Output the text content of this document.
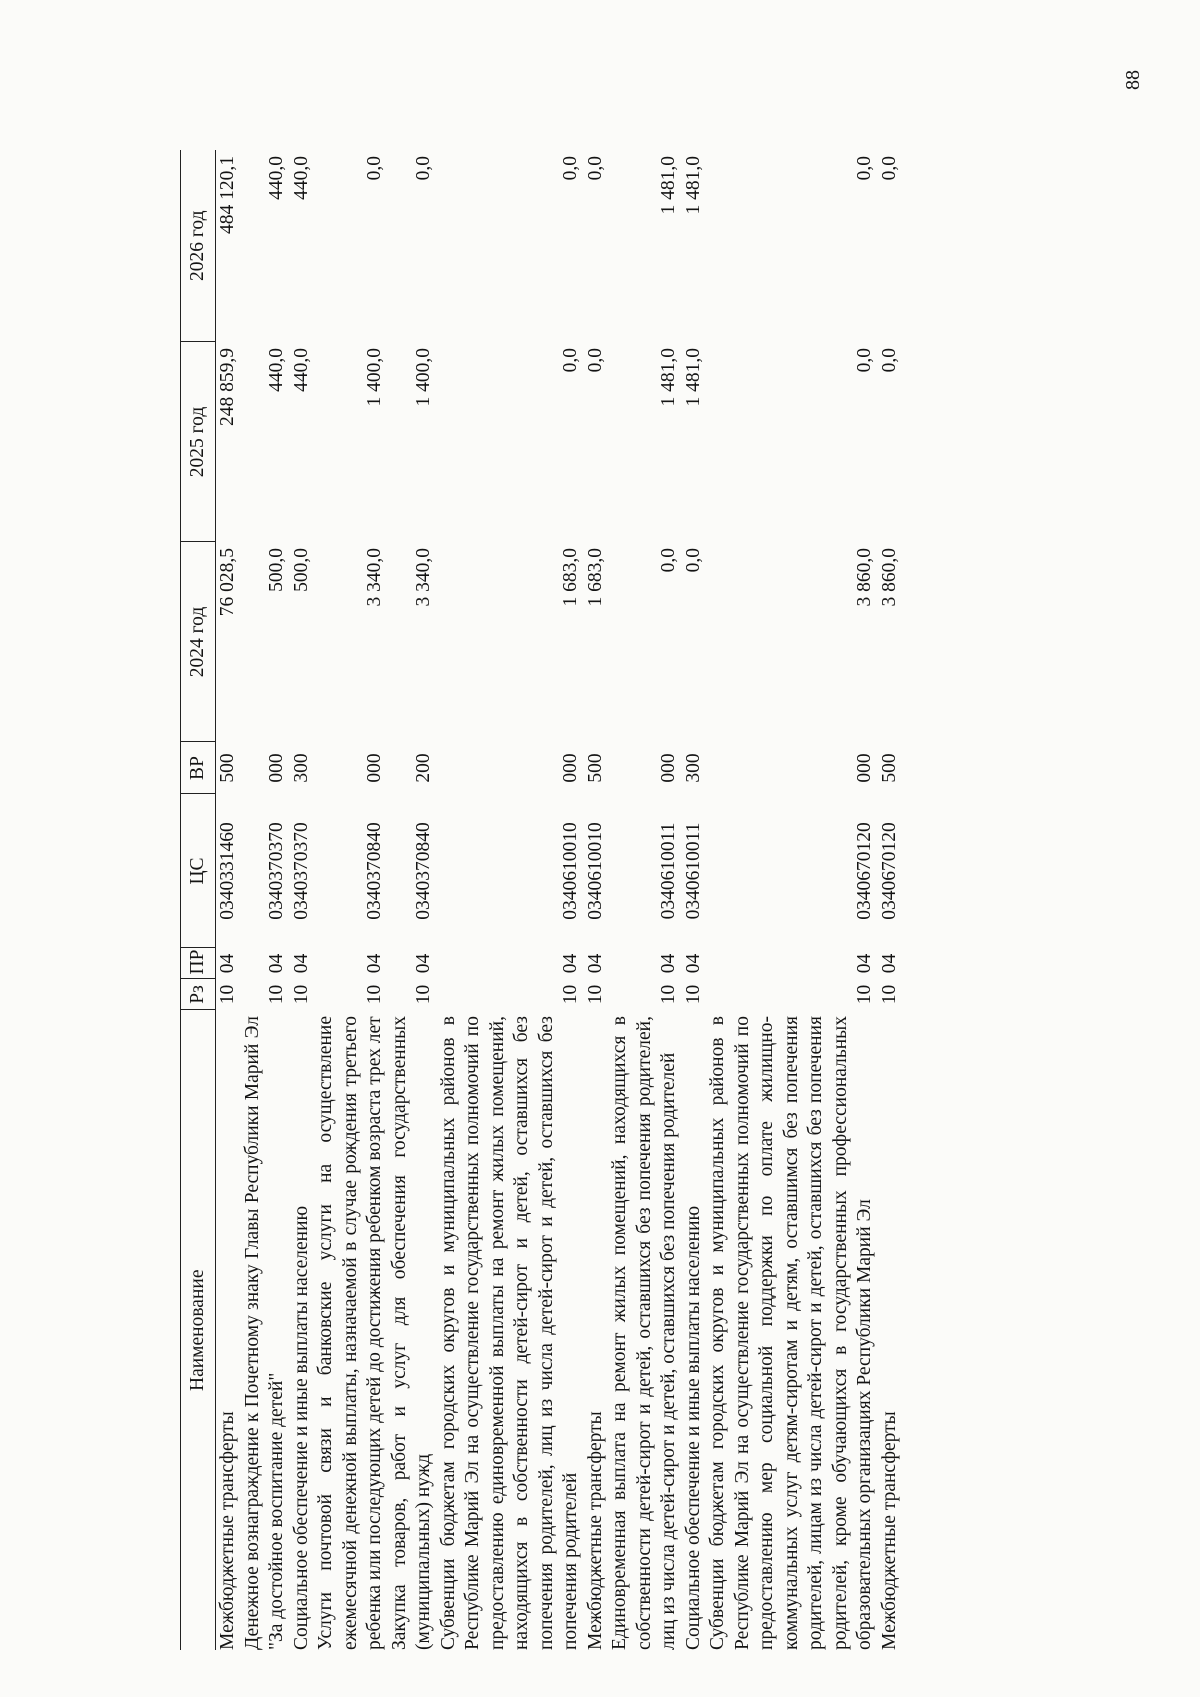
88
Наименование	Рз	ПР	ЦС	ВР	2024 год	2025 год	2026 год
Межбюджетные трансферты	10	04	0340331460	500	76 028,5	248 859,9	484 120,1
Денежное вознаграждение к Почетному знаку Главы Республики Марий Эл "За достойное воспитание детей"	10	04	0340370370	000	500,0	440,0	440,0
Социальное обеспечение и иные выплаты населению	10	04	0340370370	300	500,0	440,0	440,0
Услуги почтовой связи и банковские услуги на осуществление ежемесячной денежной выплаты, назначаемой в случае рождения третьего ребенка или последующих детей до достижения ребенком возраста трех лет	10	04	0340370840	000	3 340,0	1 400,0	0,0
Закупка товаров, работ и услуг для обеспечения государственных (муниципальных) нужд	10	04	0340370840	200	3 340,0	1 400,0	0,0
Субвенции бюджетам городских округов и муниципальных районов в Республике Марий Эл на осуществление государственных полномочий по предоставлению единовременной выплаты на ремонт жилых помещений, находящихся в собственности детей-сирот и детей, оставшихся без попечения родителей, лиц из числа детей-сирот и детей, оставшихся без попечения родителей	10	04	0340610010	000	1 683,0	0,0	0,0
Межбюджетные трансферты	10	04	0340610010	500	1 683,0	0,0	0,0
Единовременная выплата на ремонт жилых помещений, находящихся в собственности детей-сирот и детей, оставшихся без попечения родителей, лиц из числа детей-сирот и детей, оставшихся без попечения родителей	10	04	0340610011	000	0,0	1 481,0	1 481,0
Социальное обеспечение и иные выплаты населению	10	04	0340610011	300	0,0	1 481,0	1 481,0
Субвенции бюджетам городских округов и муниципальных районов в Республике Марий Эл на осуществление государственных полномочий по предоставлению мер социальной поддержки по оплате жилищно-коммунальных услуг детям-сиротам и детям, оставшимся без попечения родителей, лицам из числа детей-сирот и детей, оставшихся без попечения родителей, кроме обучающихся в государственных профессиональных образовательных организациях Республики Марий Эл	10	04	0340670120	000	3 860,0	0,0	0,0
Межбюджетные трансферты	10	04	0340670120	500	3 860,0	0,0	0,0
